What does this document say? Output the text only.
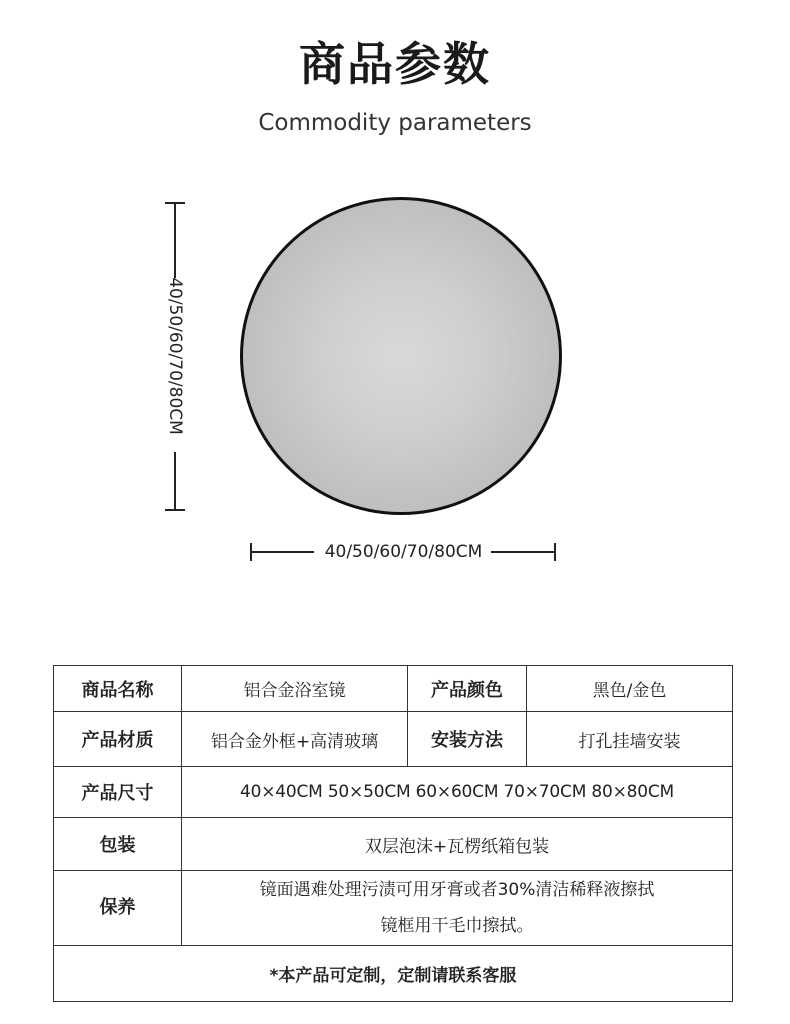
商品参数
Commodity parameters
40/50/60/70/80CM
40/50/60/70/80CM
商品名称	铝合金浴室镜	产品颜色	黑色/金色
产品材质	铝合金外框+高清玻璃	安装方法	打孔挂墙安装
产品尺寸	40×40CM 50×50CM 60×60CM 70×70CM 80×80CM		
包装	双层泡沫+瓦楞纸箱包装		
保养	镜面遇难处理污渍可用牙膏或者30%清洁稀释液擦拭
镜框用干毛巾擦拭。		

*本产品可定制，定制请联系客服			
